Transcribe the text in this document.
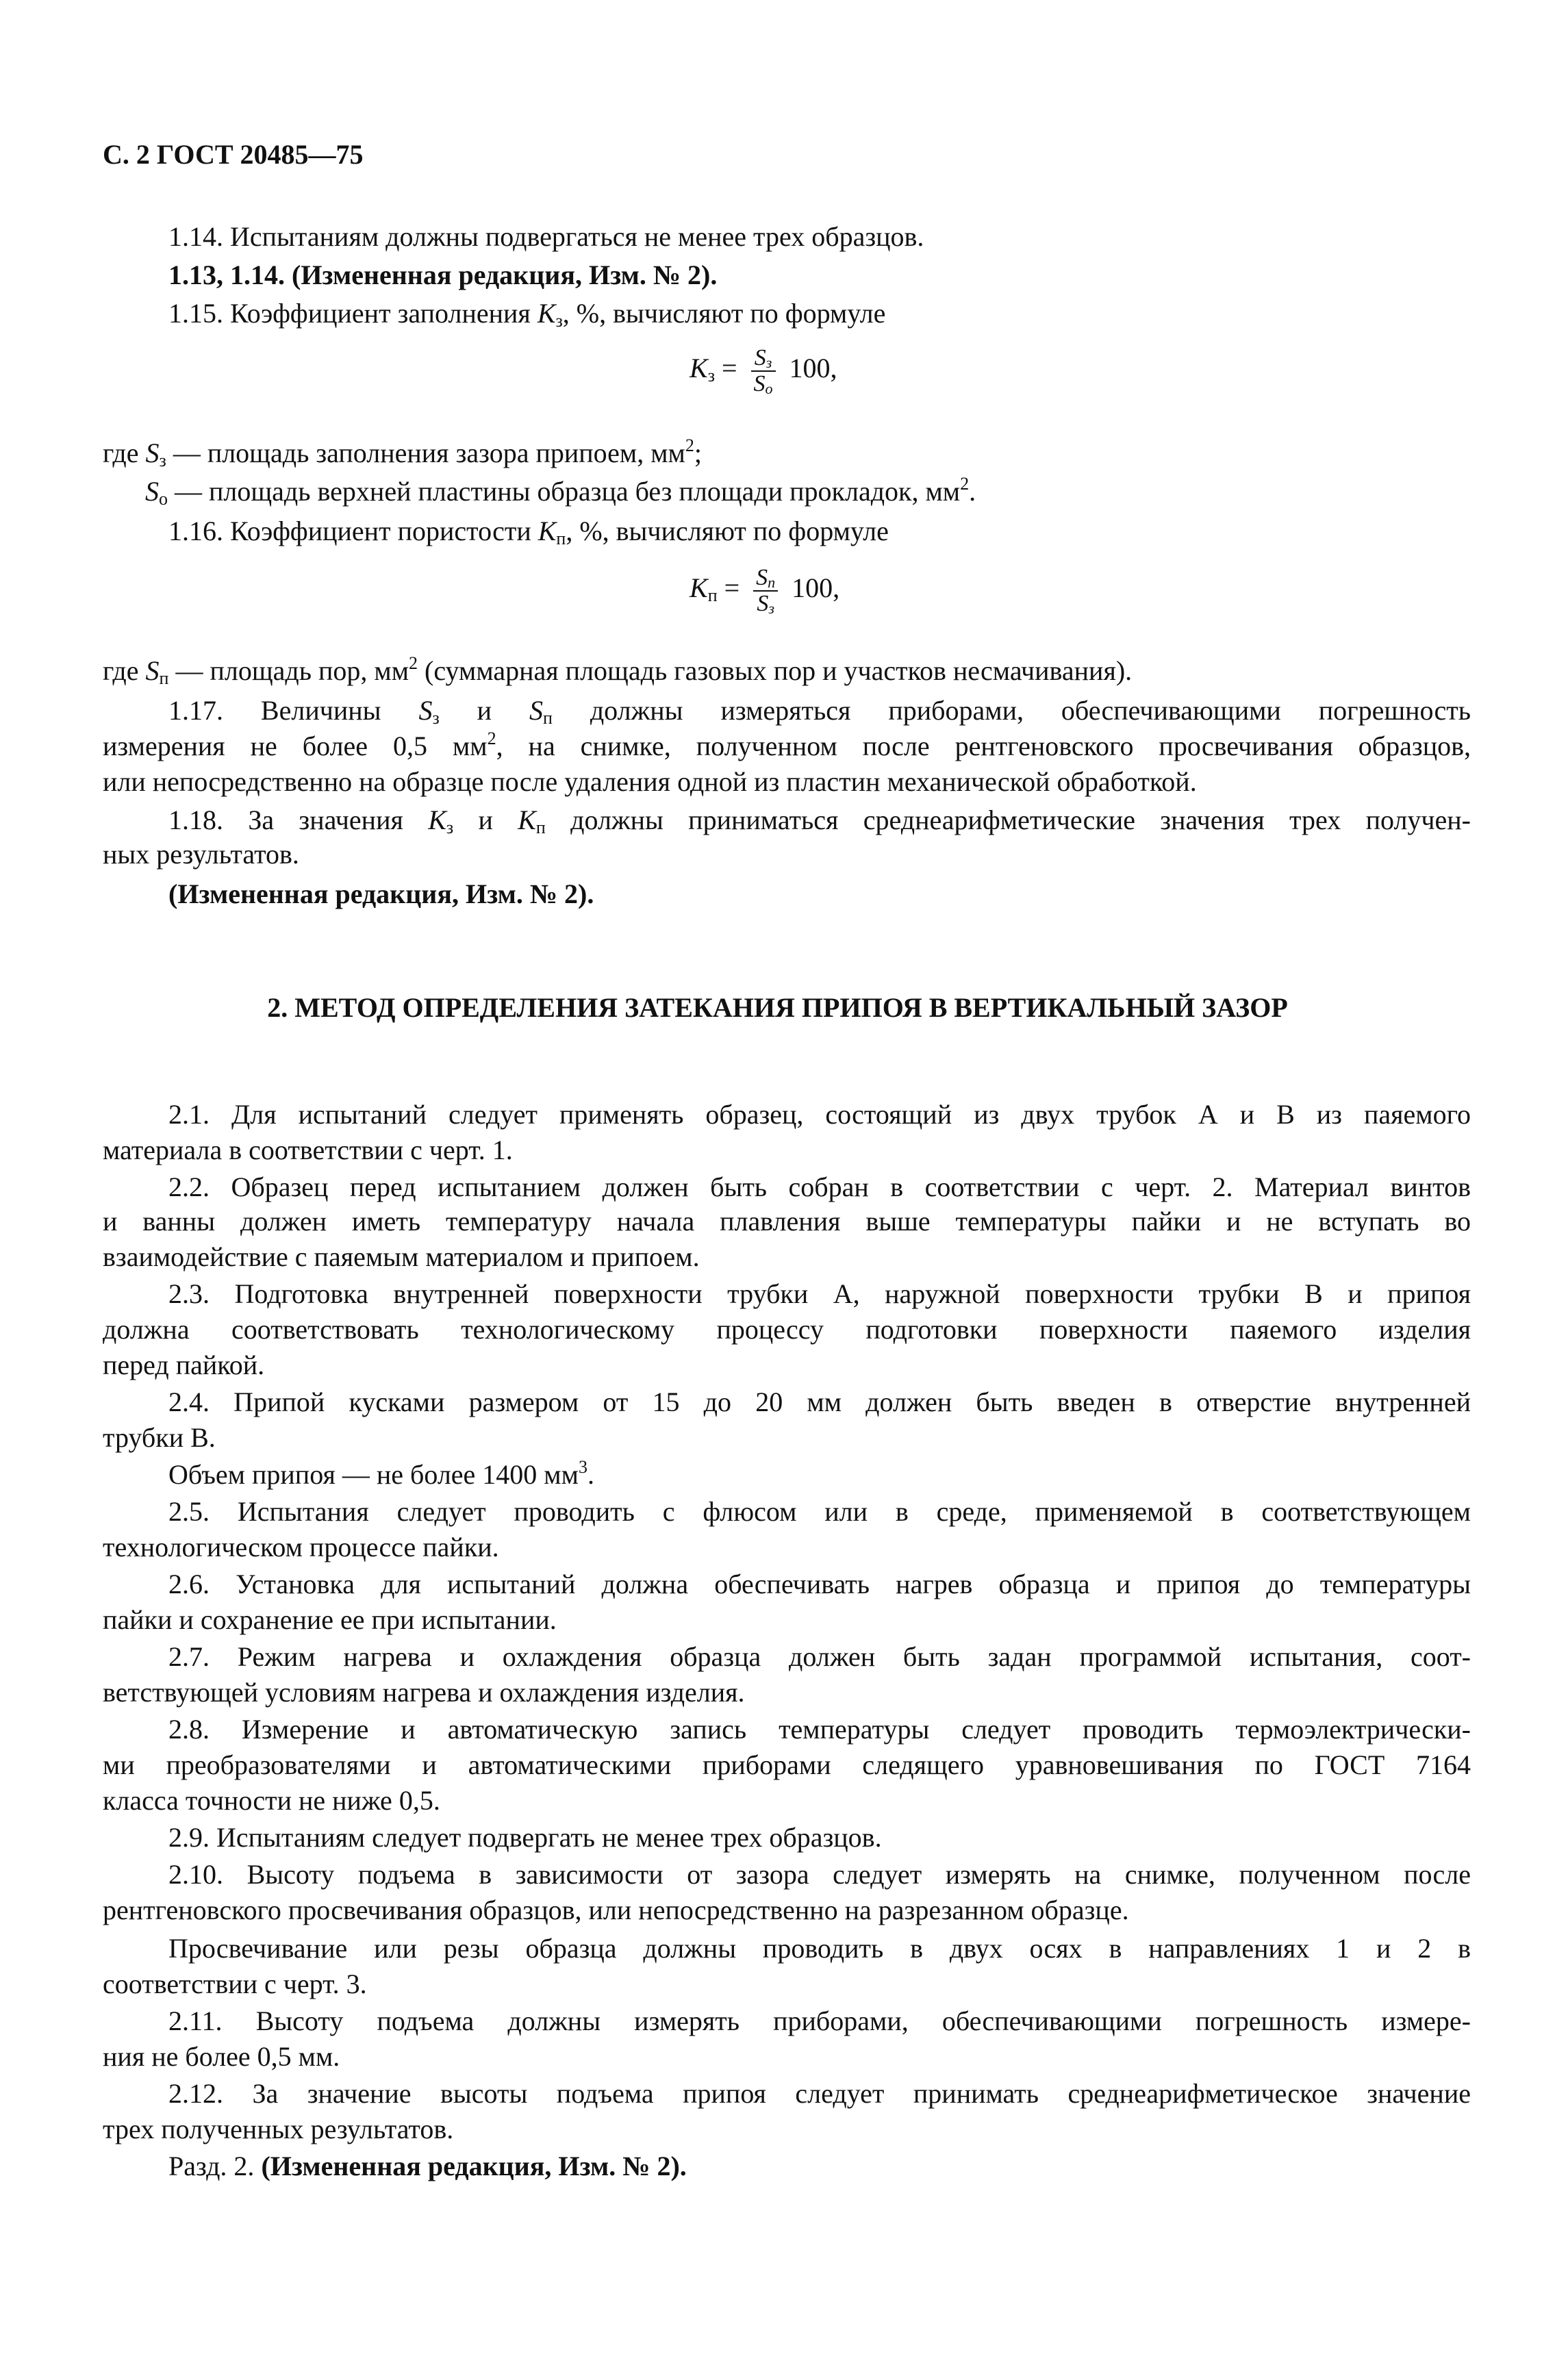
С. 2 ГОСТ 20485—75
1.14. Испытаниям должны подвергаться не менее трех образцов.
1.13, 1.14. (Измененная редакция, Изм. № 2).
1.15. Коэффициент заполнения $K_з$, %, вычисляют по формуле
$K_з = \frac{S_з}{S_о} 100$,
где $S_з$ — площадь заполнения зазора припоем, $мм^2$;
$S_о$ — площадь верхней пластины образца без площади прокладок, $мм^2$.
1.16. Коэффициент пористости $K_п$, %, вычисляют по формуле
$K_п = \frac{S_п}{S_з} 100$,
где $S_п$ — площадь пор, $мм^2$ (суммарная площадь газовых пор и участков несмачивания).
1.17. Величины $S_з$ и $S_п$ должны измеряться приборами, обеспечивающими погрешность
измерения не более 0,5 $мм^2$, на снимке, полученном после рентгеновского просвечивания образцов,
или непосредственно на образце после удаления одной из пластин механической обработкой.
1.18. За значения $K_з$ и $K_п$ должны приниматься среднеарифметические значения трех получен-
ных результатов.
(Измененная редакция, Изм. № 2).
2. МЕТОД ОПРЕДЕЛЕНИЯ ЗАТЕКАНИЯ ПРИПОЯ В ВЕРТИКАЛЬНЫЙ ЗАЗОР
2.1. Для испытаний следует применять образец, состоящий из двух трубок А и В из паяемого
материала в соответствии с черт. 1.
2.2. Образец перед испытанием должен быть собран в соответствии с черт. 2. Материал винтов
и ванны должен иметь температуру начала плавления выше температуры пайки и не вступать во
взаимодействие с паяемым материалом и припоем.
2.3. Подготовка внутренней поверхности трубки А, наружной поверхности трубки В и припоя
должна соответствовать технологическому процессу подготовки поверхности паяемого изделия
перед пайкой.
2.4. Припой кусками размером от 15 до 20 мм должен быть введен в отверстие внутренней
трубки В.
Объем припоя — не более 1400 $мм^3$.
2.5. Испытания следует проводить с флюсом или в среде, применяемой в соответствующем
технологическом процессе пайки.
2.6. Установка для испытаний должна обеспечивать нагрев образца и припоя до температуры
пайки и сохранение ее при испытании.
2.7. Режим нагрева и охлаждения образца должен быть задан программой испытания, соот-
ветствующей условиям нагрева и охлаждения изделия.
2.8. Измерение и автоматическую запись температуры следует проводить термоэлектрически-
ми преобразователями и автоматическими приборами следящего уравновешивания по ГОСТ 7164
класса точности не ниже 0,5.
2.9. Испытаниям следует подвергать не менее трех образцов.
2.10. Высоту подъема в зависимости от зазора следует измерять на снимке, полученном после
рентгеновского просвечивания образцов, или непосредственно на разрезанном образце.
Просвечивание или резы образца должны проводить в двух осях в направлениях 1 и 2 в
соответствии с черт. 3.
2.11. Высоту подъема должны измерять приборами, обеспечивающими погрешность измере-
ния не более 0,5 мм.
2.12. За значение высоты подъема припоя следует принимать среднеарифметическое значение
трех полученных результатов.
Разд. 2. (Измененная редакция, Изм. № 2).
